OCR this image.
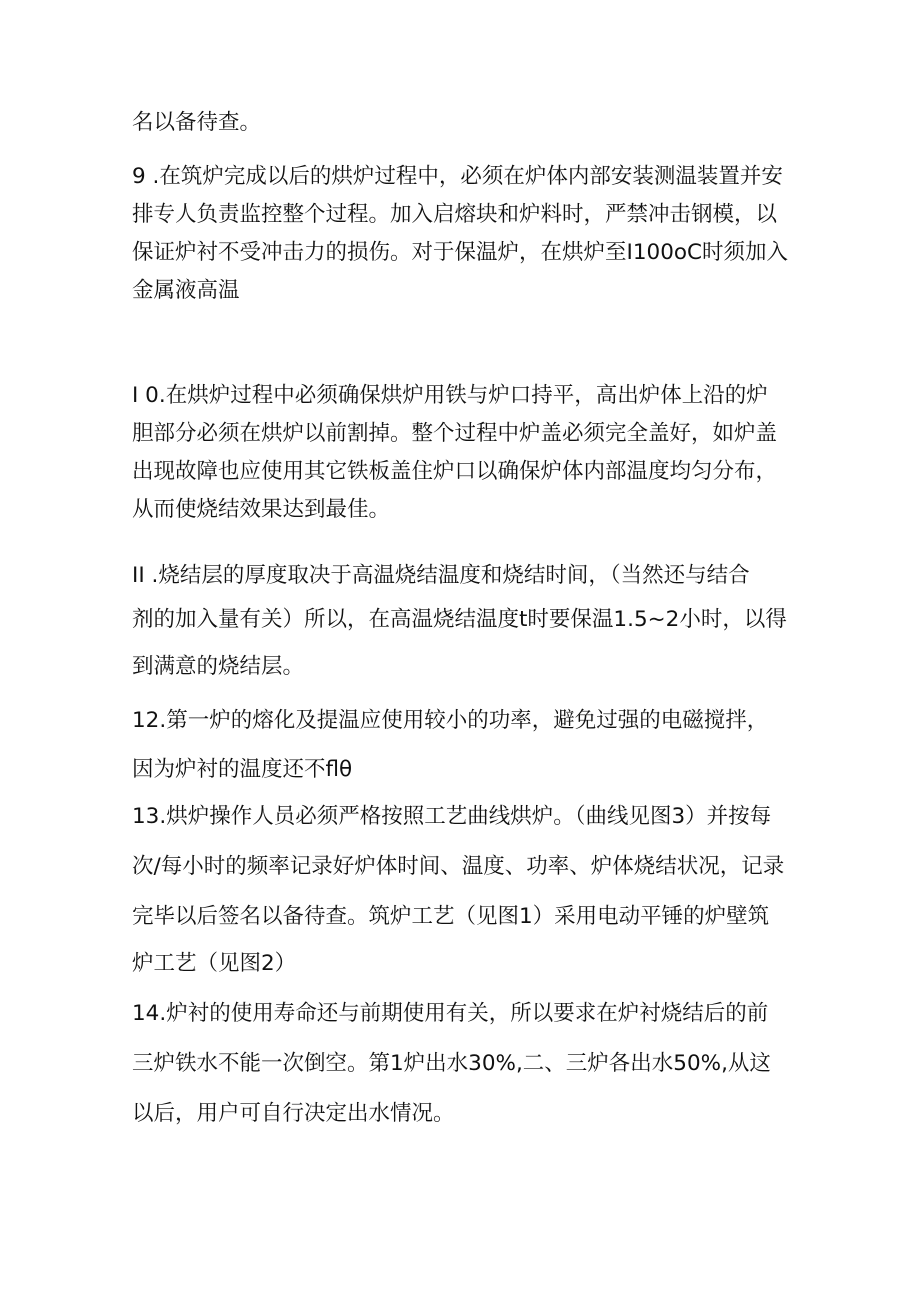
名以备待查。
9 .在筑炉完成以后的烘炉过程中，必须在炉体内部安装测温装置并安
排专人负责监控整个过程。加入启熔块和炉料时，严禁冲击钢模，以
保证炉衬不受冲击力的损伤。对于保温炉，在烘炉至I100oC时须加入
金属液高温
I 0.在烘炉过程中必须确保烘炉用铁与炉口持平，高出炉体上沿的炉
胆部分必须在烘炉以前割掉。整个过程中炉盖必须完全盖好，如炉盖
出现故障也应使用其它铁板盖住炉口以确保炉体内部温度均匀分布，
从而使烧结效果达到最佳。
II .烧结层的厚度取决于高温烧结温度和烧结时间，（当然还与结合
剂的加入量有关）所以，在高温烧结温度t时要保温1.5~2小时，以得
到满意的烧结层。
12.第一炉的熔化及提温应使用较小的功率，避免过强的电磁搅拌，
因为炉衬的温度还不flθ
13.烘炉操作人员必须严格按照工艺曲线烘炉。（曲线见图3）并按每
次/每小时的频率记录好炉体时间、温度、功率、炉体烧结状况，记录
完毕以后签名以备待查。筑炉工艺（见图1）采用电动平锤的炉壁筑
炉工艺（见图2）
14.炉衬的使用寿命还与前期使用有关，所以要求在炉衬烧结后的前
三炉铁水不能一次倒空。第1炉出水30%,二、三炉各出水50%,从这
以后，用户可自行决定出水情况。
